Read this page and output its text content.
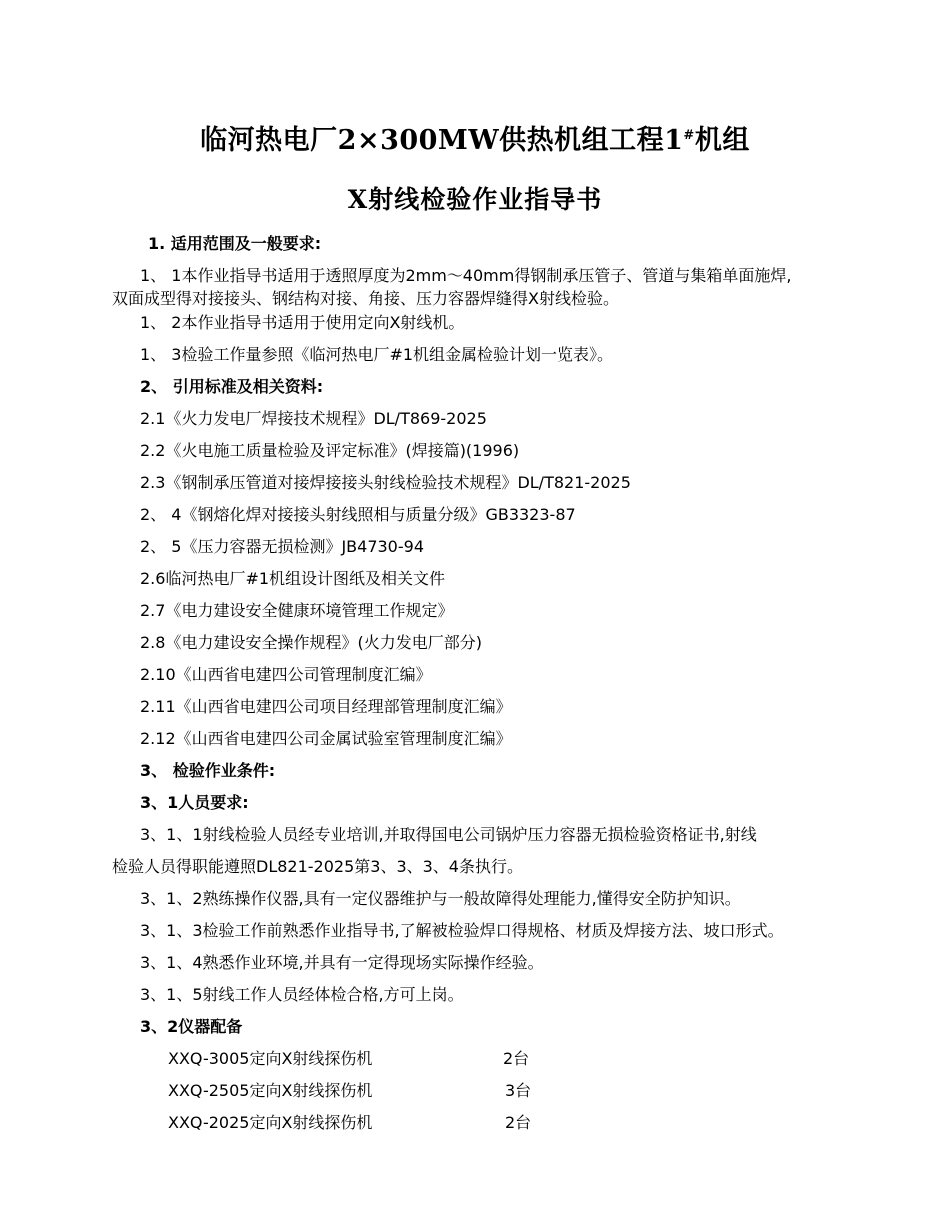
临河热电厂2×300MW供热机组工程1#机组
X射线检验作业指导书
1. 适用范围及一般要求:
1、 1本作业指导书适用于透照厚度为2mm～40mm得钢制承压管子、管道与集箱单面施焊,
双面成型得对接接头、钢结构对接、角接、压力容器焊缝得X射线检验。
1、 2本作业指导书适用于使用定向X射线机。
1、 3检验工作量参照《临河热电厂#1机组金属检验计划一览表》。
2、 引用标准及相关资料:
2.1《火力发电厂焊接技术规程》DL/T869-2025
2.2《火电施工质量检验及评定标准》(焊接篇)(1996)
2.3《钢制承压管道对接焊接接头射线检验技术规程》DL/T821-2025
2、 4《钢熔化焊对接接头射线照相与质量分级》GB3323-87
2、 5《压力容器无损检测》JB4730-94
2.6临河热电厂#1机组设计图纸及相关文件
2.7《电力建设安全健康环境管理工作规定》
2.8《电力建设安全操作规程》(火力发电厂部分)
2.10《山西省电建四公司管理制度汇编》
2.11《山西省电建四公司项目经理部管理制度汇编》
2.12《山西省电建四公司金属试验室管理制度汇编》
3、 检验作业条件:
3、1人员要求:
3、1、1射线检验人员经专业培训,并取得国电公司锅炉压力容器无损检验资格证书,射线
检验人员得职能遵照DL821-2025第3、3、3、4条执行。
3、1、2熟练操作仪器,具有一定仪器维护与一般故障得处理能力,懂得安全防护知识。
3、1、3检验工作前熟悉作业指导书,了解被检验焊口得规格、材质及焊接方法、坡口形式。
3、1、4熟悉作业环境,并具有一定得现场实际操作经验。
3、1、5射线工作人员经体检合格,方可上岗。
3、2仪器配备
XXQ-3005定向X射线探伤机	2台
XXQ-2505定向X射线探伤机	3台
XXQ-2025定向X射线探伤机	2台
